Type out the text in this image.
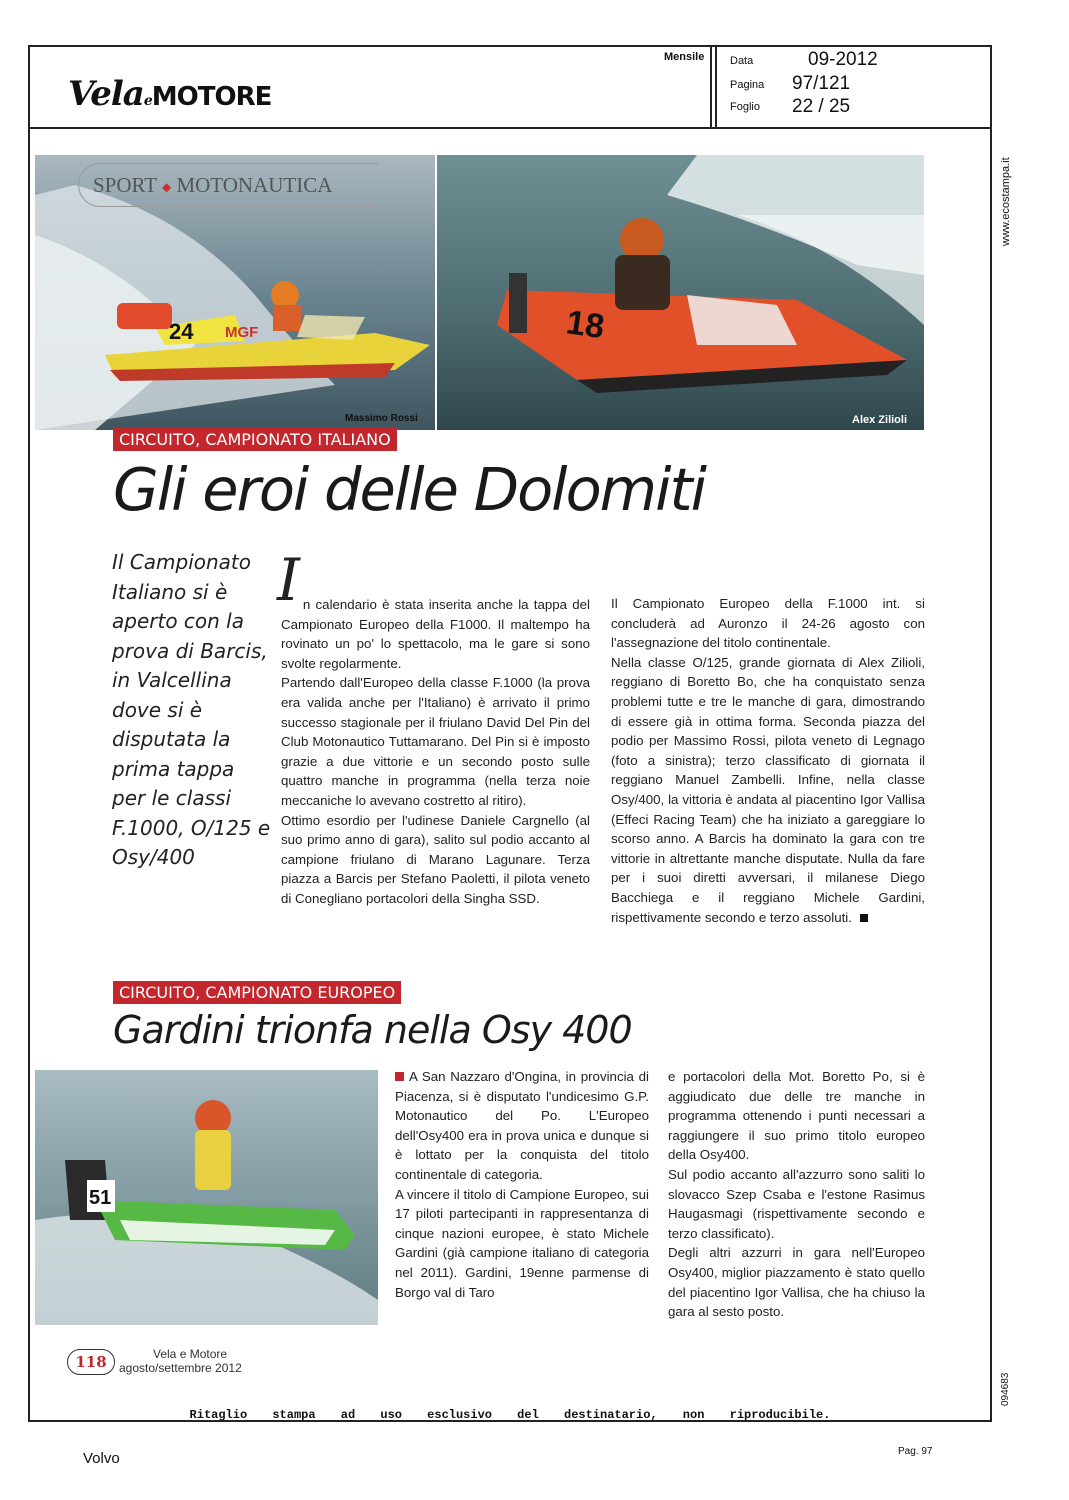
VelaeMOTORE
Mensile Data
Pagina
Foglio
09-2012
97/121
22 / 25
www.ecostampa.it
094683
24 MGF	18
Alex Zilioli
SPORT ◆ MOTONAUTICA
Massimo Rossi
CIRCUITO, CAMPIONATO ITALIANO
Gli eroi delle Dolomiti
Il Campionato Italiano si è aperto con la prova di Barcis, in Valcellina dove si è disputata la prima tappa per le classi F.1000, O/125 e Osy/400

In calendario è stata inserita anche la tappa del Campionato Europeo della F1000. Il maltempo ha rovinato un po' lo spettacolo, ma le gare si sono svolte regolarmente.

Partendo dall'Europeo della classe F.1000 (la prova era valida anche per l'Italiano) è arrivato il primo successo stagionale per il friulano David Del Pin del Club Motonautico Tuttamarano. Del Pin si è imposto grazie a due vittorie e un secondo posto sulle quattro manche in programma (nella terza noie meccaniche lo avevano costretto al ritiro).

Ottimo esordio per l'udinese Daniele Cargnello (al suo primo anno di gara), salito sul podio accanto al campione friulano di Marano Lagunare. Terza piazza a Barcis per Stefano Paoletti, il pilota veneto di Conegliano portacolori della Singha SSD.

Il Campionato Europeo della F.1000 int. si concluderà ad Auronzo il 24-26 agosto con l'assegnazione del titolo continentale.

Nella classe O/125, grande giornata di Alex Zilioli, reggiano di Boretto Bo, che ha conquistato senza problemi tutte e tre le manche di gara, dimostrando di essere già in ottima forma. Seconda piazza del podio per Massimo Rossi, pilota veneto di Legnago (foto a sinistra); terzo classificato di giornata il reggiano Manuel Zambelli. Infine, nella classe Osy/400, la vittoria è andata al piacentino Igor Vallisa (Effeci Racing Team) che ha iniziato a gareggiare lo scorso anno. A Barcis ha dominato la gara con tre vittorie in altrettante manche disputate. Nulla da fare per i suoi diretti avversari, il milanese Diego Bacchiega e il reggiano Michele Gardini, rispettivamente secondo e terzo assoluti.

CIRCUITO, CAMPIONATO EUROPEO
Gardini trionfa nella Osy 400
51

A San Nazzaro d'Ongina, in provincia di Piacenza, si è disputato l'undicesimo G.P. Motonautico del Po. L'Europeo dell'Osy400 era in prova unica e dunque si è lottato per la conquista del titolo continentale di categoria.

A vincere il titolo di Campione Europeo, sui 17 piloti partecipanti in rappresentanza di cinque nazioni europee, è stato Michele Gardini (già campione italiano di categoria nel 2011). Gardini, 19enne parmense di Borgo val di Taro

e portacolori della Mot. Boretto Po, si è aggiudicato due delle tre manche in programma ottenendo i punti necessari a raggiungere il suo primo titolo europeo della Osy400.

Sul podio accanto all'azzurro sono saliti lo slovacco Szep Csaba e l'estone Rasimus Haugasmagi (rispettivamente secondo e terzo classificato).

Degli altri azzurri in gara nell'Europeo Osy400, miglior piazzamento è stato quello del piacentino Igor Vallisa, che ha chiuso la gara al sesto posto.

118	Vela e Motore
agosto/settembre 2012
Ritaglio stampa ad uso esclusivo del destinatario, non riproducibile.
Volvo	Pag. 97
